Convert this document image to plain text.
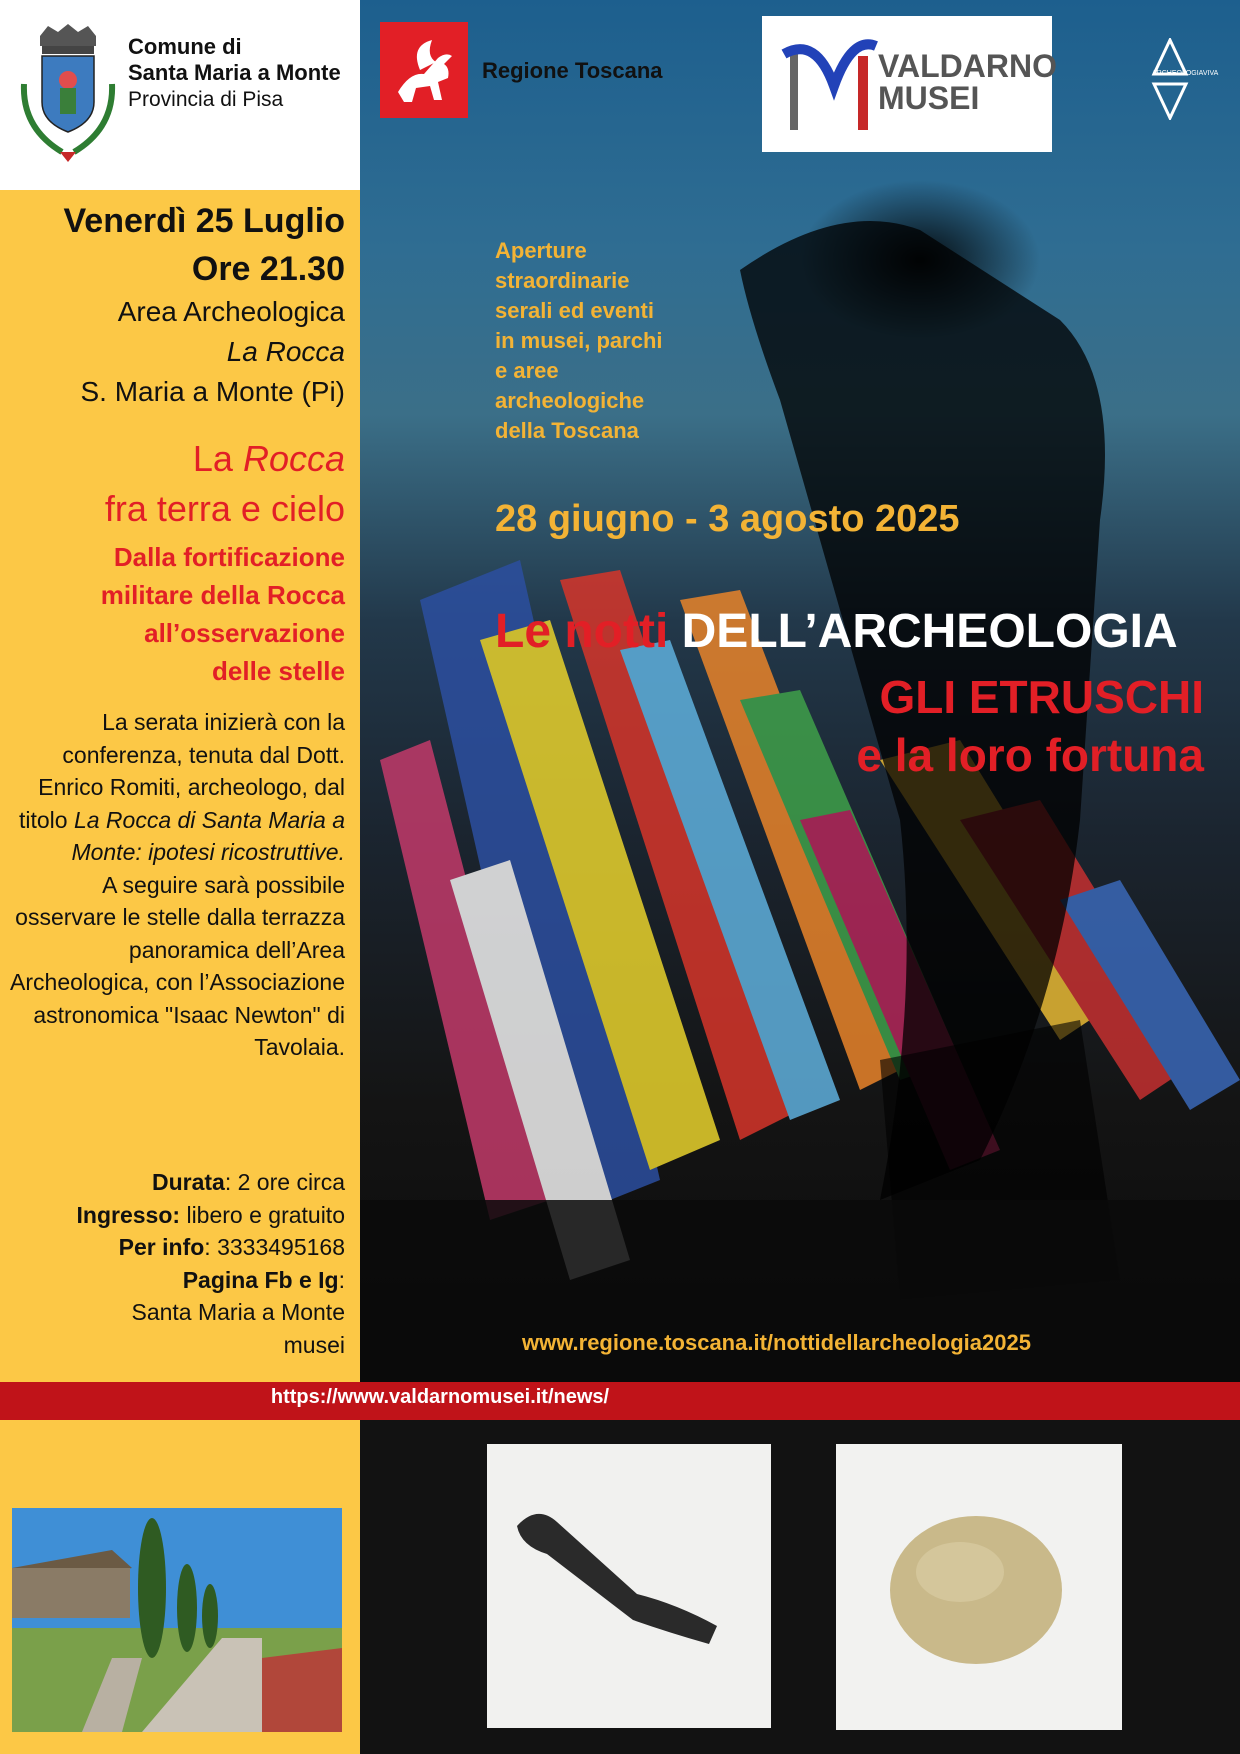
Comune di
Santa Maria a Monte
Provincia di Pisa
Regione Toscana	VALDARNO
MUSEI
ARCHEOLOGIAVIVA
Aperture
straordinarie
serali ed eventi
in musei, parchi
e aree
archeologiche
della Toscana
28 giugno - 3 agosto 2025
Le notti DELL’ARCHEOLOGIA
GLI ETRUSCHI
e la loro fortuna
www.regione.toscana.it/nottidellarcheologia2025
Venerdì 25 Luglio
Ore 21.30
Area Archeologica
La Rocca
S. Maria a Monte (Pi)
La Rocca
fra terra e cielo
Dalla fortificazione
militare della Rocca
all’osservazione
delle stelle
La serata inizierà con la conferenza, tenuta dal Dott. Enrico Romiti, archeologo, dal titolo La Rocca di Santa Maria a Monte: ipotesi ricostruttive.
A seguire sarà possibile osservare le stelle dalla terrazza panoramica dell’Area Archeologica, con l’Associazione astronomica "Isaac Newton" di Tavolaia.
Durata: 2 ore circa
Ingresso: libero e gratuito
Per info: 3333495168
Pagina Fb e Ig:
Santa Maria a Monte
musei
https://www.valdarnomusei.it/news/
